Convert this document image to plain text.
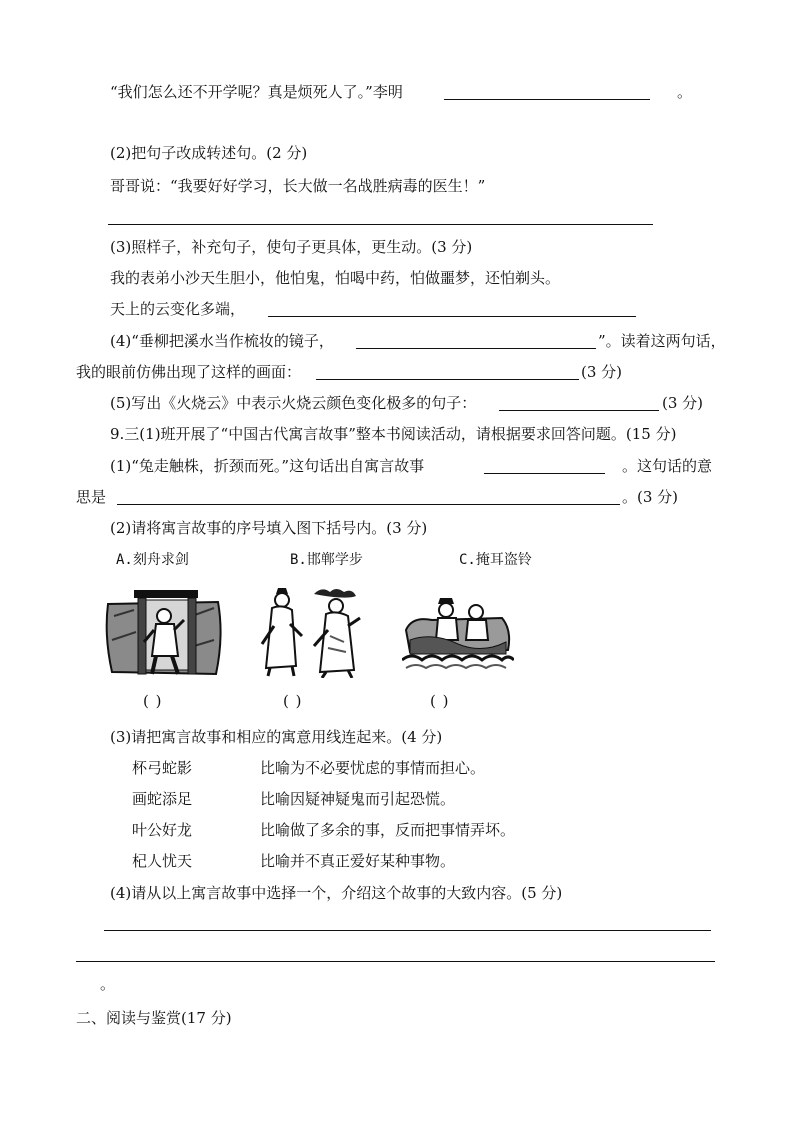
“我们怎么还不开学呢？真是烦死人了。”李明	。
(2)把句子改成转述句。(2 分)
哥哥说：“我要好好学习，长大做一名战胜病毒的医生！”
(3)照样子，补充句子，使句子更具体，更生动。(3 分)
我的表弟小沙天生胆小，他怕鬼，怕喝中药，怕做噩梦，还怕剃头。
天上的云变化多端，
(4)“垂柳把溪水当作梳妆的镜子，	”。读着这两句话，
我的眼前仿佛出现了这样的画面：	(3 分)
(5)写出《火烧云》中表示火烧云颜色变化极多的句子：	(3 分)
9.三(1)班开展了“中国古代寓言故事”整本书阅读活动，请根据要求回答问题。(15 分)
(1)“兔走触株，折颈而死。”这句话出自寓言故事	。这句话的意
思是	。(3 分)
(2)请将寓言故事的序号填入图下括号内。(3 分)
A.刻舟求剑	B.邯郸学步	C.掩耳盗铃
( )	( )	( )
(3)请把寓言故事和相应的寓意用线连起来。(4 分)
杯弓蛇影	比喻为不必要忧虑的事情而担心。
画蛇添足	比喻因疑神疑鬼而引起恐慌。
叶公好龙	比喻做了多余的事，反而把事情弄坏。
杞人忧天	比喻并不真正爱好某种事物。
(4)请从以上寓言故事中选择一个，介绍这个故事的大致内容。(5 分)
。
二、阅读与鉴赏(17 分)
